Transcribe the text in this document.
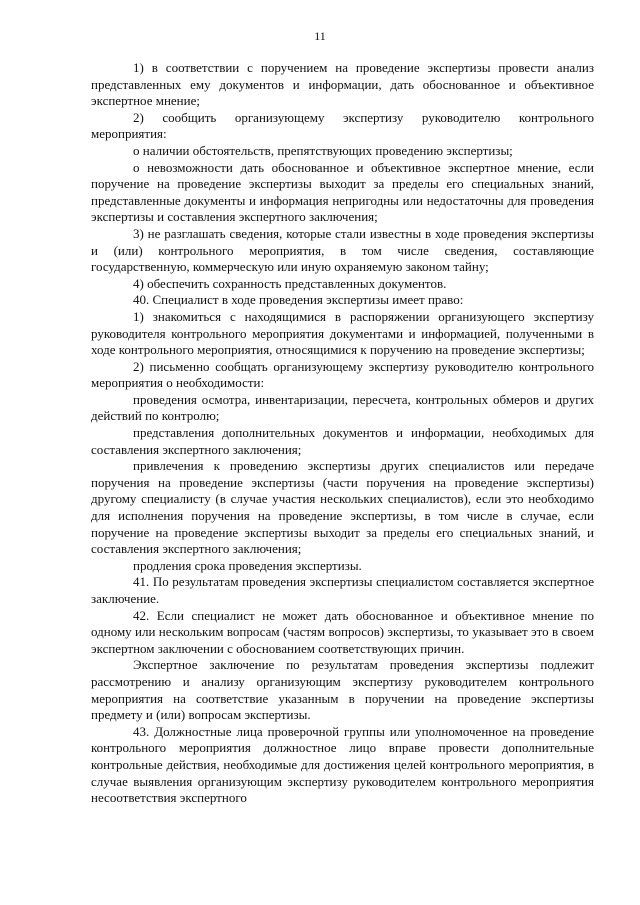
11

1) в соответствии с поручением на проведение экспертизы провести анализ представленных ему документов и информации, дать обоснованное и объективное экспертное мнение;

2) сообщить организующему экспертизу руководителю контрольного мероприятия:

о наличии обстоятельств, препятствующих проведению экспертизы;

о невозможности дать обоснованное и объективное экспертное мнение, если поручение на проведение экспертизы выходит за пределы его специальных знаний, представленные документы и информация непригодны или недостаточны для проведения экспертизы и составления экспертного заключения;

3) не разглашать сведения, которые стали известны в ходе проведения экспертизы и (или) контрольного мероприятия, в том числе сведения, составляющие государственную, коммерческую или иную охраняемую законом тайну;

4) обеспечить сохранность представленных документов.

40. Специалист в ходе проведения экспертизы имеет право:

1) знакомиться с находящимися в распоряжении организующего экспертизу руководителя контрольного мероприятия документами и информацией, полученными в ходе контрольного мероприятия, относящимися к поручению на проведение экспертизы;

2) письменно сообщать организующему экспертизу руководителю контрольного мероприятия о необходимости:

проведения осмотра, инвентаризации, пересчета, контрольных обмеров и других действий по контролю;

представления дополнительных документов и информации, необходимых для составления экспертного заключения;

привлечения к проведению экспертизы других специалистов или передаче поручения на проведение экспертизы (части поручения на проведение экспертизы) другому специалисту (в случае участия нескольких специалистов), если это необходимо для исполнения поручения на проведение экспертизы, в том числе в случае, если поручение на проведение экспертизы выходит за пределы его специальных знаний, и составления экспертного заключения;

продления срока проведения экспертизы.

41. По результатам проведения экспертизы специалистом составляется экспертное заключение.

42. Если специалист не может дать обоснованное и объективное мнение по одному или нескольким вопросам (частям вопросов) экспертизы, то указывает это в своем экспертном заключении с обоснованием соответствующих причин.

Экспертное заключение по результатам проведения экспертизы подлежит рассмотрению и анализу организующим экспертизу руководителем контрольного мероприятия на соответствие указанным в поручении на проведение экспертизы предмету и (или) вопросам экспертизы.

43. Должностные лица проверочной группы или уполномоченное на проведение контрольного мероприятия должностное лицо вправе провести дополнительные контрольные действия, необходимые для достижения целей контрольного мероприятия, в случае выявления организующим экспертизу руководителем контрольного мероприятия несоответствия экспертного
